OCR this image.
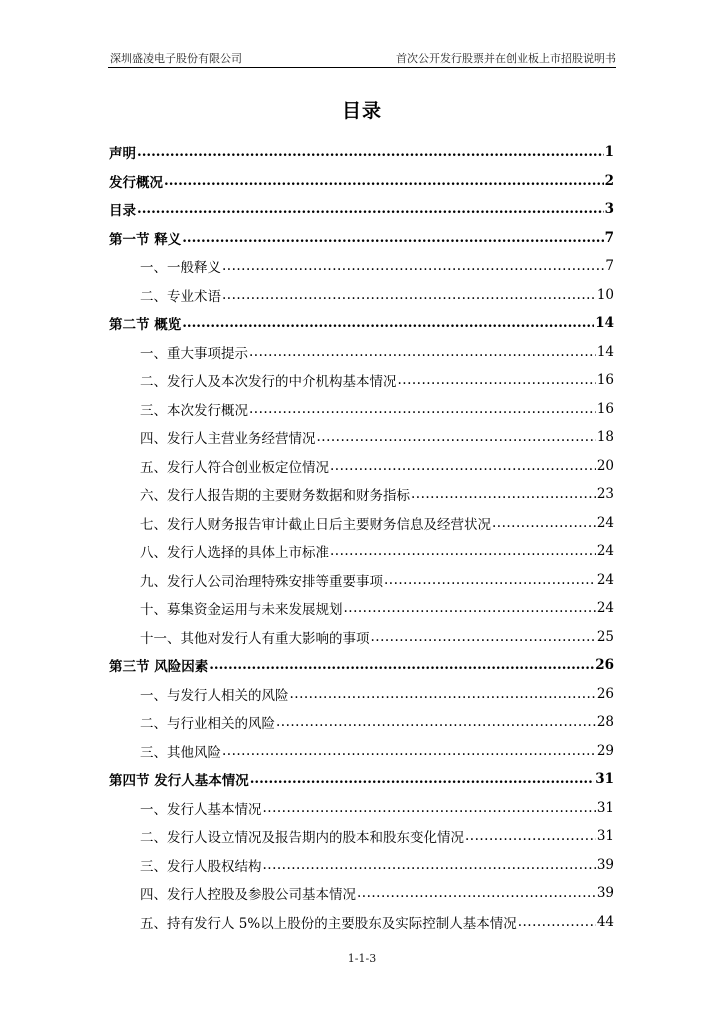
深圳盛凌电子股份有限公司	首次公开发行股票并在创业板上市招股说明书
目录
声明 .....	1
发行概况 .....	2
目录 .....	3
第一节 释义 .....	7
一、一般释义 .....	7
二、专业术语 .....	10
第二节 概览 .....	14
一、重大事项提示 .....	14
二、发行人及本次发行的中介机构基本情况 .....	16
三、本次发行概况 .....	16
四、发行人主营业务经营情况 .....	18
五、发行人符合创业板定位情况 .....	20
六、发行人报告期的主要财务数据和财务指标 .....	23
七、发行人财务报告审计截止日后主要财务信息及经营状况 .....	24
八、发行人选择的具体上市标准 .....	24
九、发行人公司治理特殊安排等重要事项 .....	24
十、募集资金运用与未来发展规划 .....	24
十一、其他对发行人有重大影响的事项 .....	25
第三节 风险因素 .....	26
一、与发行人相关的风险 .....	26
二、与行业相关的风险 .....	28
三、其他风险 .....	29
第四节 发行人基本情况 .....	31
一、发行人基本情况 .....	31
二、发行人设立情况及报告期内的股本和股东变化情况 .....	31
三、发行人股权结构 .....	39
四、发行人控股及参股公司基本情况 .....	39
五、持有发行人 5%以上股份的主要股东及实际控制人基本情况 .....	44
1-1-3
